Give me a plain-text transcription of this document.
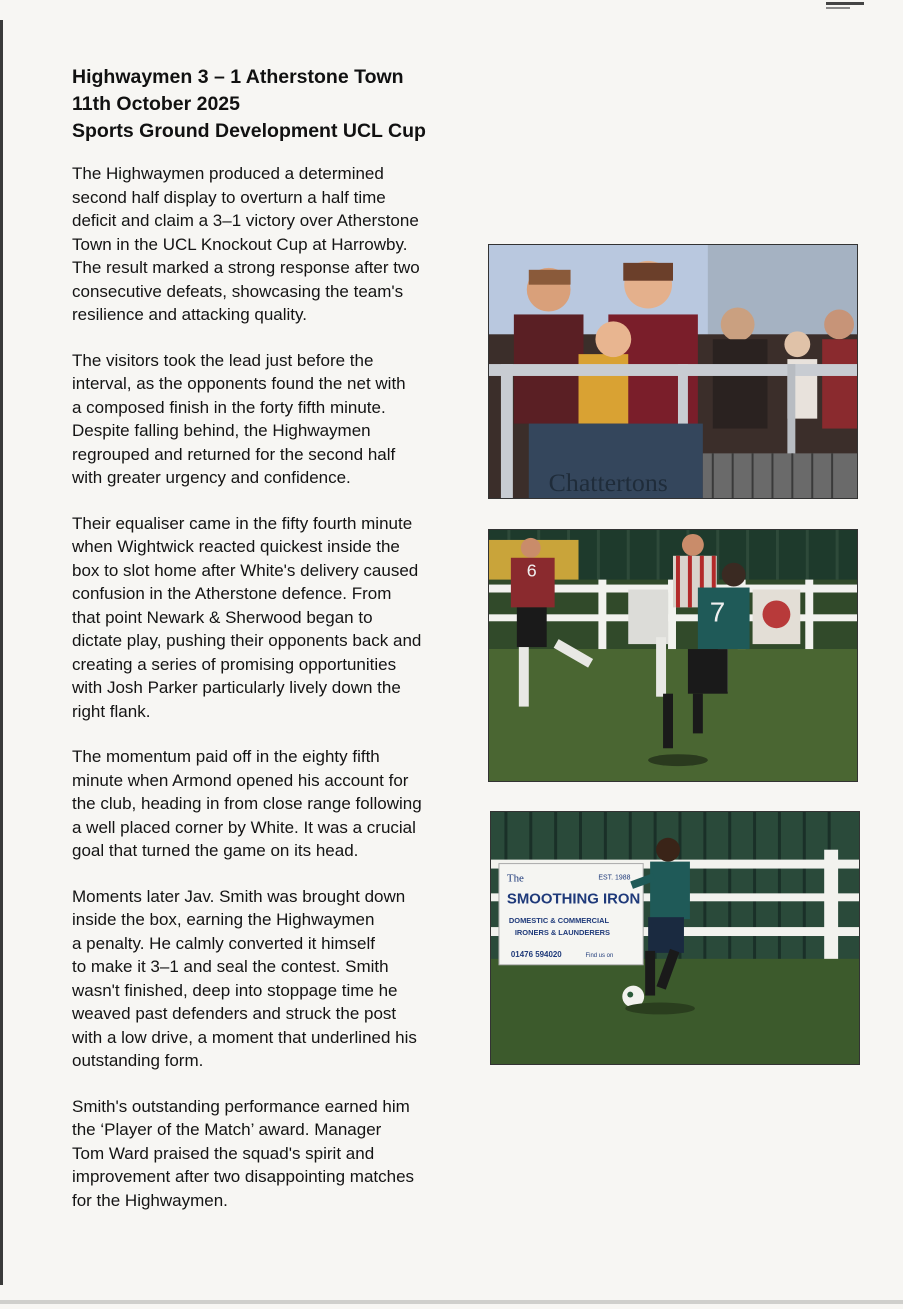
Highwaymen 3 – 1 Atherstone Town
11th October 2025
Sports Ground Development UCL Cup
The Highwaymen produced a determined
second half display to overturn a half time
deficit and claim a 3–1 victory over Atherstone
Town in the UCL Knockout Cup at Harrowby.
The result marked a strong response after two
consecutive defeats, showcasing the team's
resilience and attacking quality.
The visitors took the lead just before the
interval, as the opponents found the net with
a composed finish in the forty fifth minute.
Despite falling behind, the Highwaymen
regrouped and returned for the second half
with greater urgency and confidence.
Their equaliser came in the fifty fourth minute
when Wightwick reacted quickest inside the
box to slot home after White's delivery caused
confusion in the Atherstone defence. From
that point Newark & Sherwood began to
dictate play, pushing their opponents back and
creating a series of promising opportunities
with Josh Parker particularly lively down the
right flank.
The momentum paid off in the eighty fifth
minute when Armond opened his account for
the club, heading in from close range following
a well placed corner by White. It was a crucial
goal that turned the game on its head.
Moments later Jav. Smith was brought down
inside the box, earning the Highwaymen
a penalty. He calmly converted it himself
to make it 3–1 and seal the contest. Smith
wasn't finished, deep into stoppage time he
weaved past defenders and struck the post
with a low drive, a moment that underlined his
outstanding form.
Smith's outstanding performance earned him
the ‘Player of the Match’ award. Manager
Tom Ward praised the squad's spirit and
improvement after two disappointing matches
for the Highwaymen.
Chattertons
6
7
The	EST. 1988
SMOOTHING IRON
DOMESTIC & COMMERCIAL
IRONERS & LAUNDERERS
01476 594020	Find us on
